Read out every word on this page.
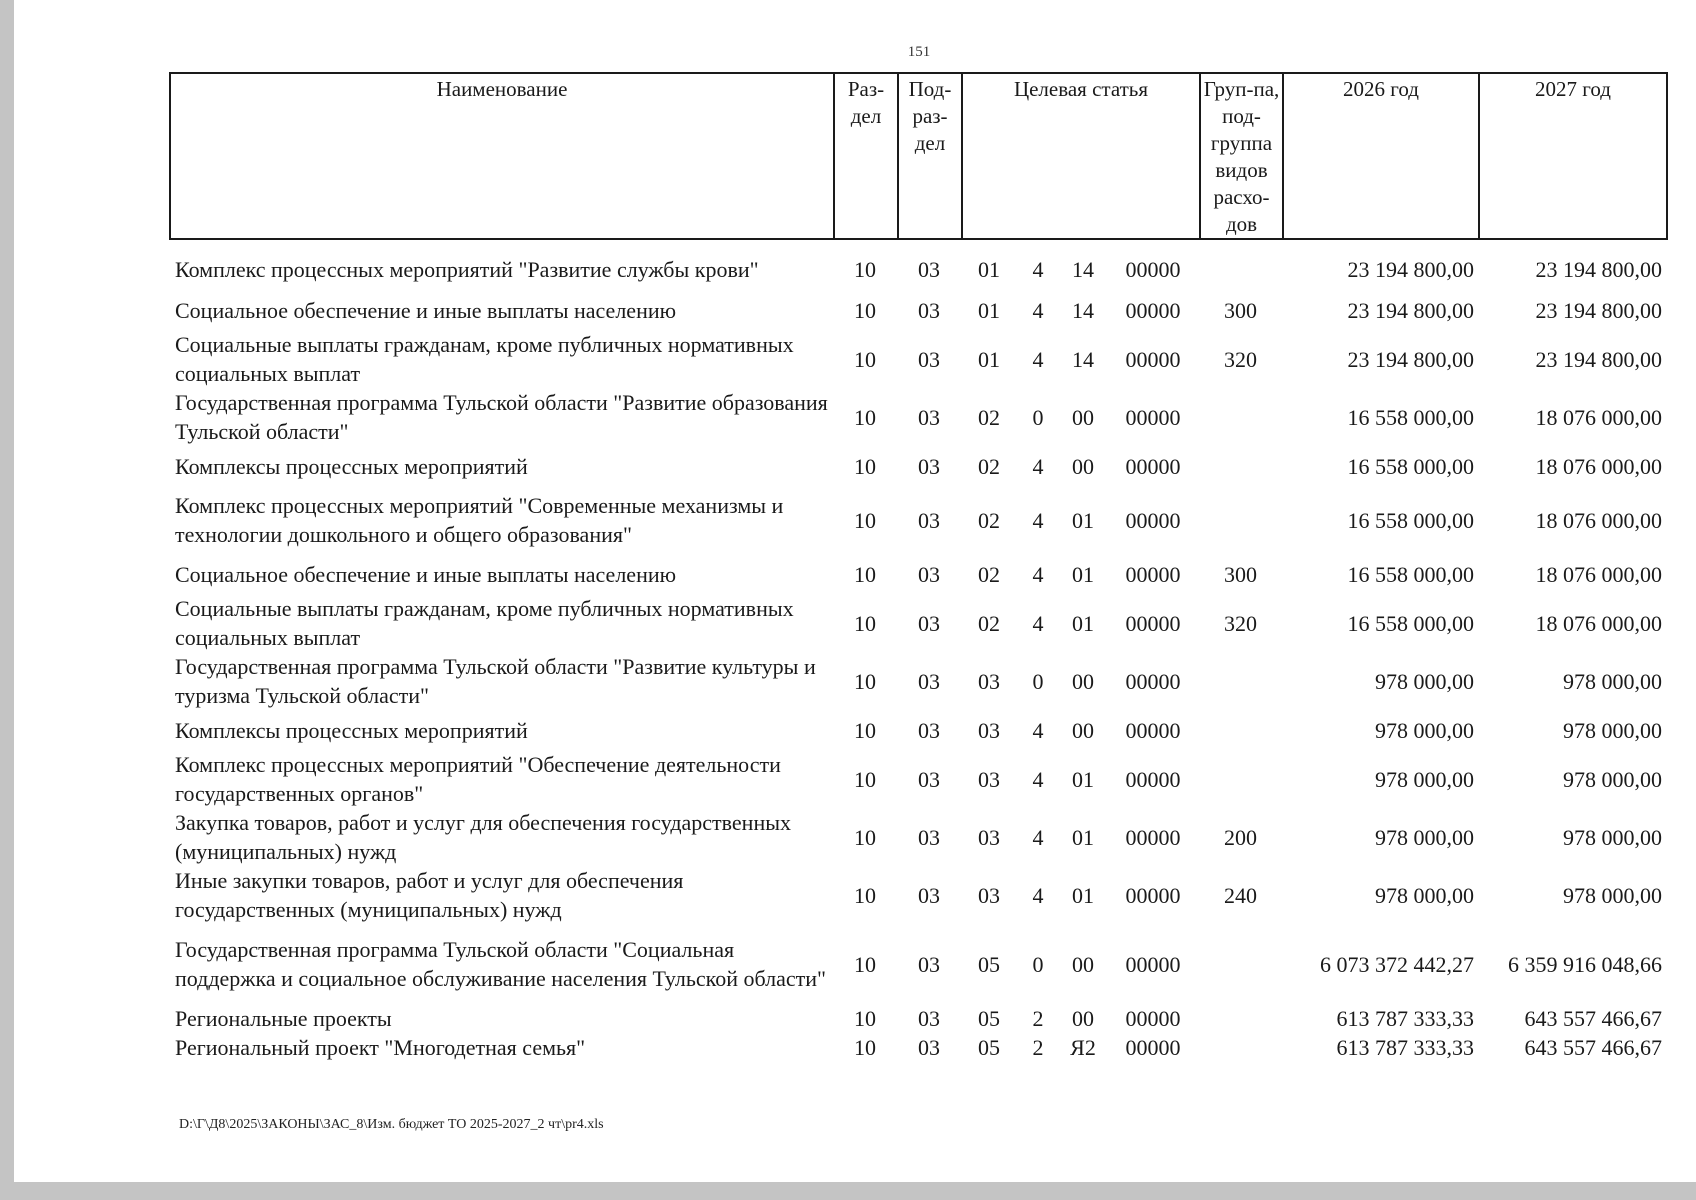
151
Наименование	Раз-дел	Под-раз-дел	Целевая статья	Груп-па, под-группа видов расхо-дов	2026 год	2027 год
Комплекс процессных мероприятий "Развитие службы крови"	10	03	01	4	14	00000		23 194 800,00	23 194 800,00
Социальное обеспечение и иные выплаты населению	10	03	01	4	14	00000	300	23 194 800,00	23 194 800,00
Социальные выплаты гражданам, кроме публичных нормативных социальных выплат	10	03	01	4	14	00000	320	23 194 800,00	23 194 800,00
Государственная программа Тульской области "Развитие образования Тульской области"	10	03	02	0	00	00000		16 558 000,00	18 076 000,00
Комплексы процессных мероприятий	10	03	02	4	00	00000		16 558 000,00	18 076 000,00
Комплекс процессных мероприятий "Современные механизмы и технологии дошкольного и общего образования"	10	03	02	4	01	00000		16 558 000,00	18 076 000,00
Социальное обеспечение и иные выплаты населению	10	03	02	4	01	00000	300	16 558 000,00	18 076 000,00
Социальные выплаты гражданам, кроме публичных нормативных социальных выплат	10	03	02	4	01	00000	320	16 558 000,00	18 076 000,00
Государственная программа Тульской области "Развитие культуры и туризма Тульской области"	10	03	03	0	00	00000		978 000,00	978 000,00
Комплексы процессных мероприятий	10	03	03	4	00	00000		978 000,00	978 000,00
Комплекс процессных мероприятий "Обеспечение деятельности государственных органов"	10	03	03	4	01	00000		978 000,00	978 000,00
Закупка товаров, работ и услуг для обеспечения государственных (муниципальных) нужд	10	03	03	4	01	00000	200	978 000,00	978 000,00
Иные закупки товаров, работ и услуг для обеспечения государственных (муниципальных) нужд	10	03	03	4	01	00000	240	978 000,00	978 000,00
Государственная программа Тульской области "Социальная поддержка и социальное обслуживание населения Тульской области"	10	03	05	0	00	00000		6 073 372 442,27	6 359 916 048,66
Региональные проекты	10	03	05	2	00	00000		613 787 333,33	643 557 466,67
Региональный проект "Многодетная семья"	10	03	05	2	Я2	00000		613 787 333,33	643 557 466,67
D:\Г\Д8\2025\ЗАКОНЫ\ЗАС_8\Изм. бюджет ТО 2025-2027_2 чт\pr4.xls
